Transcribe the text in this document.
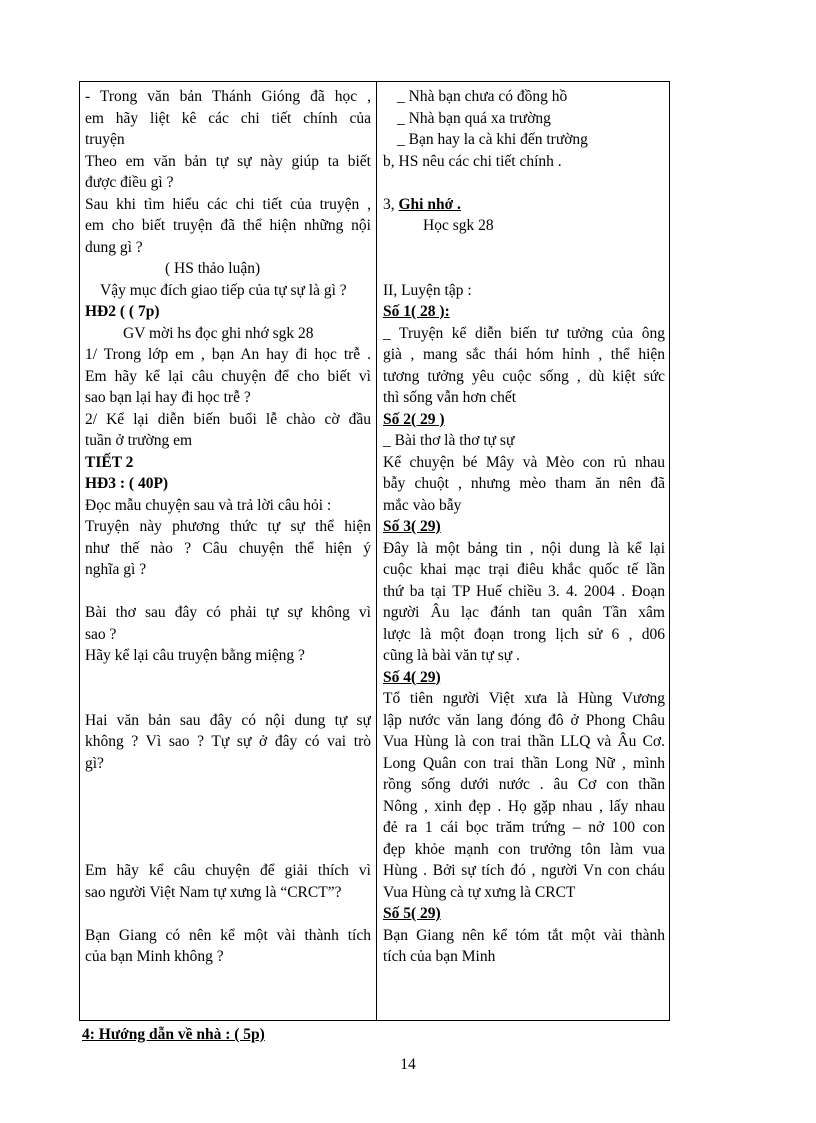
- Trong văn bản Thánh Gióng đã học ,
em hãy liệt kê các chi tiết chính của
truyện
Theo em văn bản tự sự này giúp ta biết
được điều gì ?
Sau khi tìm hiểu các chi tiết của truyện ,
em cho biết truyện đã thể hiện những nội
dung gì ?
( HS thảo luận)
Vậy mục đích giao tiếp của tự sự là gì ?
HĐ2 ( ( 7p)
GV mời hs đọc ghi nhớ sgk 28
1/ Trong lớp em , bạn An hay đi học trễ .
Em hãy kể lại câu chuyện để cho biết vì
sao bạn lại hay đi học trễ ?
2/ Kể lại diễn biến buổi lễ chào cờ đầu
tuần ở trường em
TIẾT 2
HĐ3 : ( 40P)
Đọc mẫu chuyện sau và trả lời câu hỏi :
Truyện này phương thức tự sự thể hiện
như thế nào ? Câu chuyện thể hiện ý
nghĩa gì ?
Bài thơ sau đây có phải tự sự không vì
sao ?
Hãy kể lại câu truyện bằng miệng ?
Hai văn bản sau đây có nội dung tự sự
không ? Vì sao ? Tự sự ở đây có vai trò
gì?
Em hãy kể câu chuyện để giải thích vì
sao người Việt Nam tự xưng là “CRCT”?
Bạn Giang có nên kể một vài thành tích
của bạn Minh không ?
_ Nhà bạn chưa có đồng hồ
_ Nhà bạn quá xa trường
_ Bạn hay la cà khi đến trường
b, HS nêu các chi tiết chính .
3, Ghi nhớ .
Học sgk 28
II, Luyện tập :
Số 1( 28 ):
_ Truyện kể diễn biến tư tưởng của ông
già , mang sắc thái hóm hỉnh , thể hiện
tương tưởng yêu cuộc sống , dù kiệt sức
thì sống vẫn hơn chết
Số 2( 29 )
_ Bài thơ là thơ tự sự
Kể chuyện bé Mây và Mèo con rủ nhau
bẫy chuột , nhưng mèo tham ăn nên đã
mắc vào bẫy
Số 3( 29)
Đây là một bảng tin , nội dung là kể lại
cuộc khai mạc trại điêu khắc quốc tế lần
thứ ba tại TP Huế chiều 3. 4. 2004 . Đoạn
người Âu lạc đánh tan quân Tần xâm
lược là một đoạn trong lịch sử 6 , d06
cũng là bài văn tự sự .
Số 4( 29)
Tổ tiên người Việt xưa là Hùng Vương
lập nước văn lang đóng đô ở Phong Châu
Vua Hùng là con trai thần LLQ và Âu Cơ.
Long Quân con trai thần Long Nữ , mình
rồng sống dưới nước . âu Cơ con thần
Nông , xinh đẹp . Họ gặp nhau , lấy nhau
đẻ ra 1 cái bọc trăm trứng – nở 100 con
đẹp khỏe mạnh con trưởng tôn làm vua
Hùng . Bởi sự tích đó , người Vn con cháu
Vua Hùng cà tự xưng là CRCT
Số 5( 29)
Bạn Giang nên kể tóm tắt một vài thành
tích của bạn Minh
4: Hướng dẫn về nhà : ( 5p)
14
